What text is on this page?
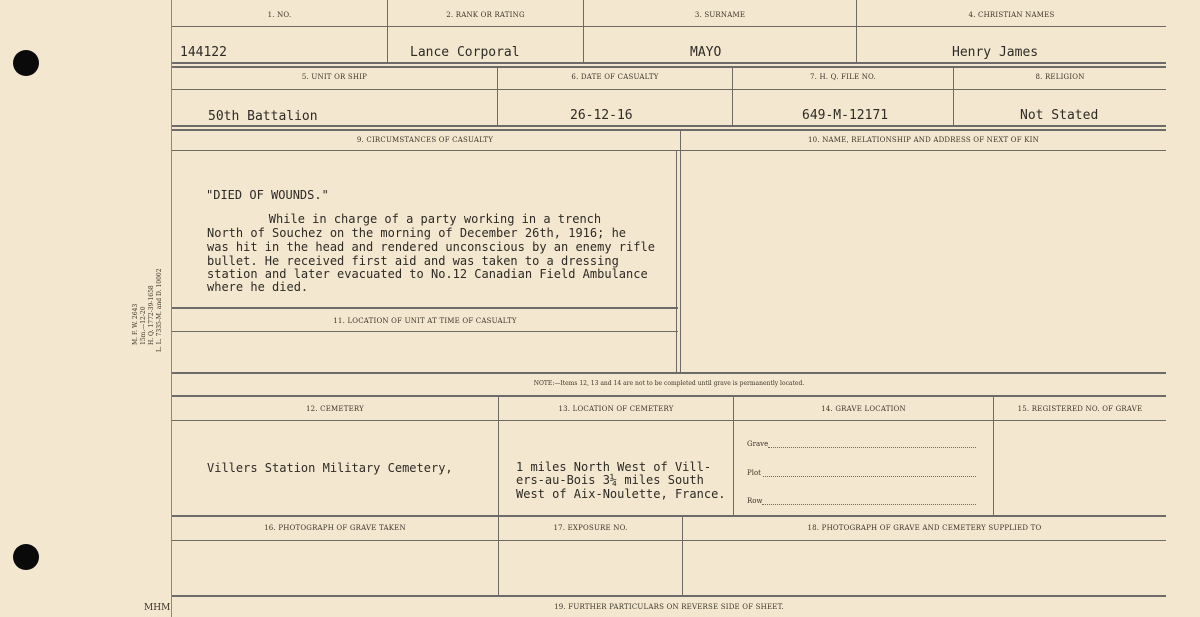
M. F. W. 2643 15m.—12-20 H. Q. 1772-39-1658 L. L. 7335-M. and D. 10002
MHM
1. NO.	2. RANK OR RATING	3. SURNAME	4. CHRISTIAN NAMES
144122	Lance Corporal	MAYO	Henry James
5. UNIT OR SHIP	6. DATE OF CASUALTY	7. H. Q. FILE NO.	8. RELIGION
50th Battalion	26-12-16	649-M-12171	Not Stated
9. CIRCUMSTANCES OF CASUALTY	10. NAME, RELATIONSHIP AND ADDRESS OF NEXT OF KIN
"DIED OF WOUNDS."
While in charge of a party working in a trench
North of Souchez on the morning of December 26th, 1916; he
was hit in the head and rendered unconscious by an enemy rifle
bullet. He received first aid and was taken to a dressing
station and later evacuated to No.12 Canadian Field Ambulance
where he died.
11. LOCATION OF UNIT AT TIME OF CASUALTY
NOTE:—Items 12, 13 and 14 are not to be completed until grave is permanently located.
12. CEMETERY	13. LOCATION OF CEMETERY	14. GRAVE LOCATION	15. REGISTERED NO. OF GRAVE
Villers Station Military Cemetery,	1 miles North West of Vill-
ers-au-Bois 3¼ miles South
West of Aix-Noulette, France.
Grave
Plot
Row
16. PHOTOGRAPH OF GRAVE TAKEN	17. EXPOSURE NO.	18. PHOTOGRAPH OF GRAVE AND CEMETERY SUPPLIED TO
19. FURTHER PARTICULARS ON REVERSE SIDE OF SHEET.
